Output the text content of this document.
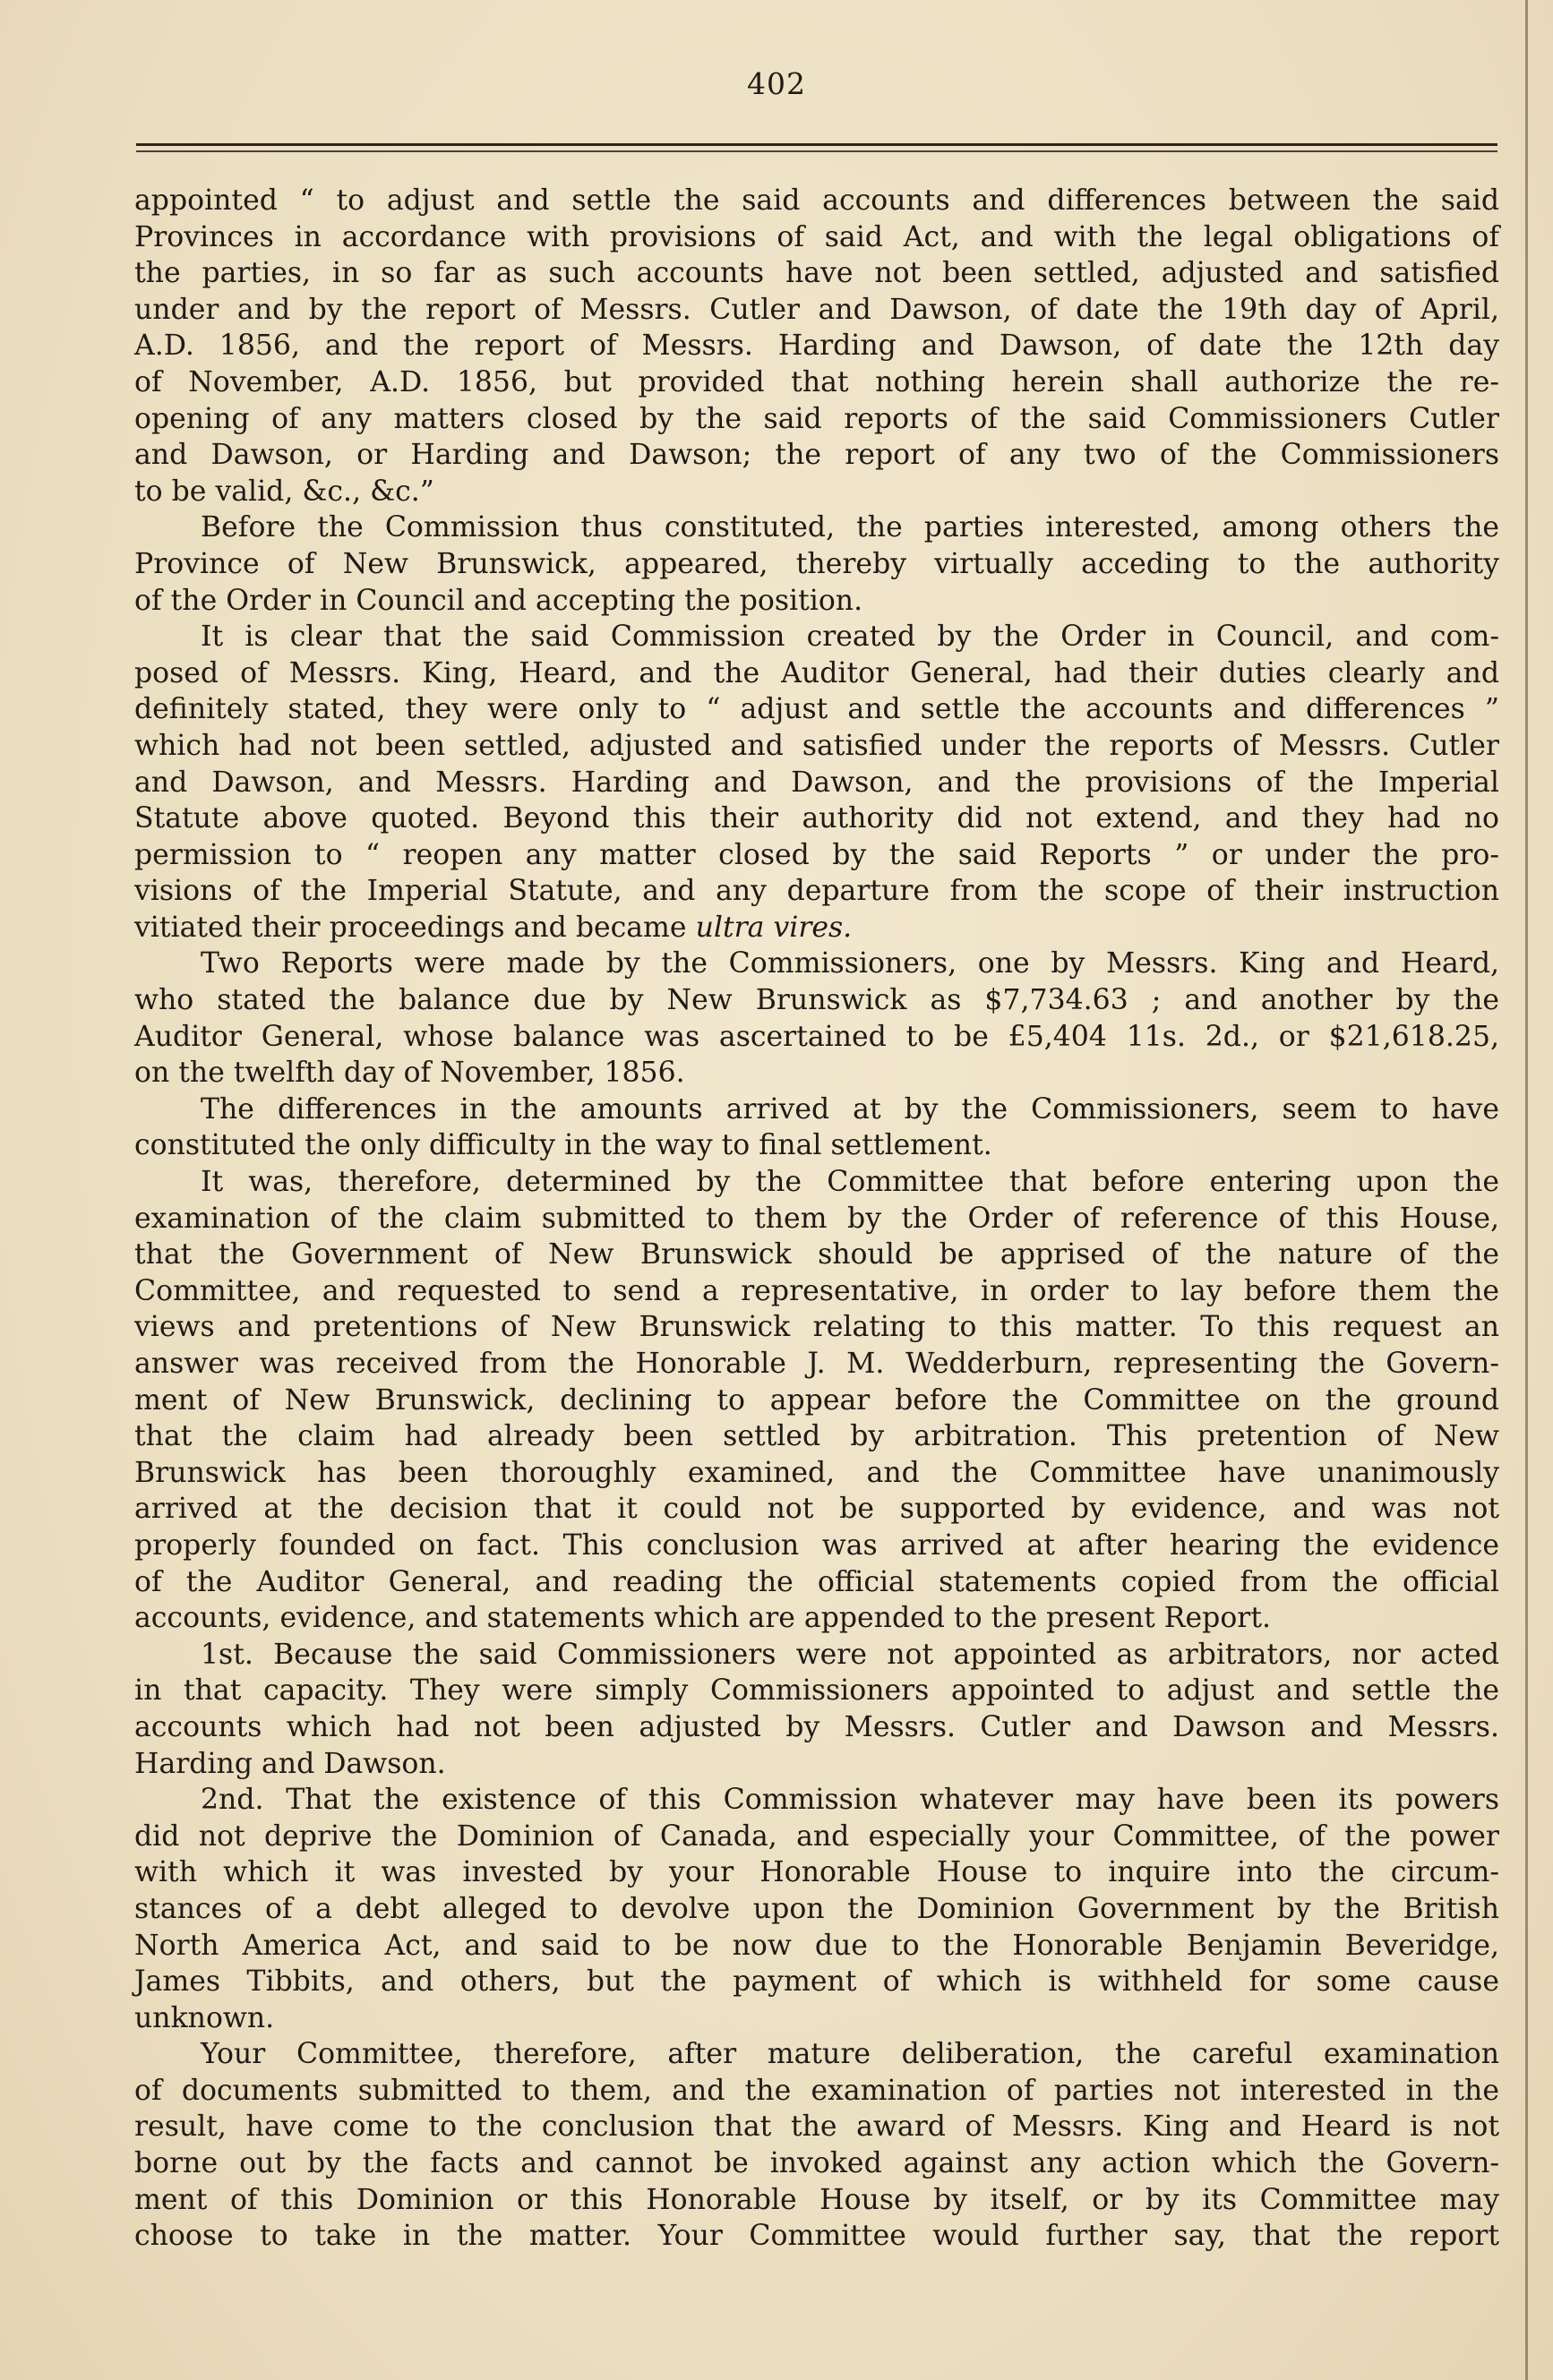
402
appointed “ to adjust and settle the said accounts and differences between the said
Provinces in accordance with provisions of said Act, and with the legal obligations of
the parties, in so far as such accounts have not been settled, adjusted and satisfied
under and by the report of Messrs. Cutler and Dawson, of date the 19th day of April,
A.D. 1856, and the report of Messrs. Harding and Dawson, of date the 12th day
of November, A.D. 1856, but provided that nothing herein shall authorize the re-
opening of any matters closed by the said reports of the said Commissioners Cutler
and Dawson, or Harding and Dawson; the report of any two of the Commissioners
to be valid, &c., &c.”
Before the Commission thus constituted, the parties interested, among others the
Province of New Brunswick, appeared, thereby virtually acceding to the authority
of the Order in Council and accepting the position.
It is clear that the said Commission created by the Order in Council, and com-
posed of Messrs. King, Heard, and the Auditor General, had their duties clearly and
definitely stated, they were only to “ adjust and settle the accounts and differences ”
which had not been settled, adjusted and satisfied under the reports of Messrs. Cutler
and Dawson, and Messrs. Harding and Dawson, and the provisions of the Imperial
Statute above quoted. Beyond this their authority did not extend, and they had no
permission to “ reopen any matter closed by the said Reports ” or under the pro-
visions of the Imperial Statute, and any departure from the scope of their instruction
vitiated their proceedings and became ultra vires.
Two Reports were made by the Commissioners, one by Messrs. King and Heard,
who stated the balance due by New Brunswick as $7,734.63 ; and another by the
Auditor General, whose balance was ascertained to be £5,404 11s. 2d., or $21,618.25,
on the twelfth day of November, 1856.
The differences in the amounts arrived at by the Commissioners, seem to have
constituted the only difficulty in the way to final settlement.
It was, therefore, determined by the Committee that before entering upon the
examination of the claim submitted to them by the Order of reference of this House,
that the Government of New Brunswick should be apprised of the nature of the
Committee, and requested to send a representative, in order to lay before them the
views and pretentions of New Brunswick relating to this matter. To this request an
answer was received from the Honorable J. M. Wedderburn, representing the Govern-
ment of New Brunswick, declining to appear before the Committee on the ground
that the claim had already been settled by arbitration. This pretention of New
Brunswick has been thoroughly examined, and the Committee have unanimously
arrived at the decision that it could not be supported by evidence, and was not
properly founded on fact. This conclusion was arrived at after hearing the evidence
of the Auditor General, and reading the official statements copied from the official
accounts, evidence, and statements which are appended to the present Report.
1st. Because the said Commissioners were not appointed as arbitrators, nor acted
in that capacity. They were simply Commissioners appointed to adjust and settle the
accounts which had not been adjusted by Messrs. Cutler and Dawson and Messrs.
Harding and Dawson.
2nd. That the existence of this Commission whatever may have been its powers
did not deprive the Dominion of Canada, and especially your Committee, of the power
with which it was invested by your Honorable House to inquire into the circum-
stances of a debt alleged to devolve upon the Dominion Government by the British
North America Act, and said to be now due to the Honorable Benjamin Beveridge,
James Tibbits, and others, but the payment of which is withheld for some cause
unknown.
Your Committee, therefore, after mature deliberation, the careful examination
of documents submitted to them, and the examination of parties not interested in the
result, have come to the conclusion that the award of Messrs. King and Heard is not
borne out by the facts and cannot be invoked against any action which the Govern-
ment of this Dominion or this Honorable House by itself, or by its Committee may
choose to take in the matter. Your Committee would further say, that the report
